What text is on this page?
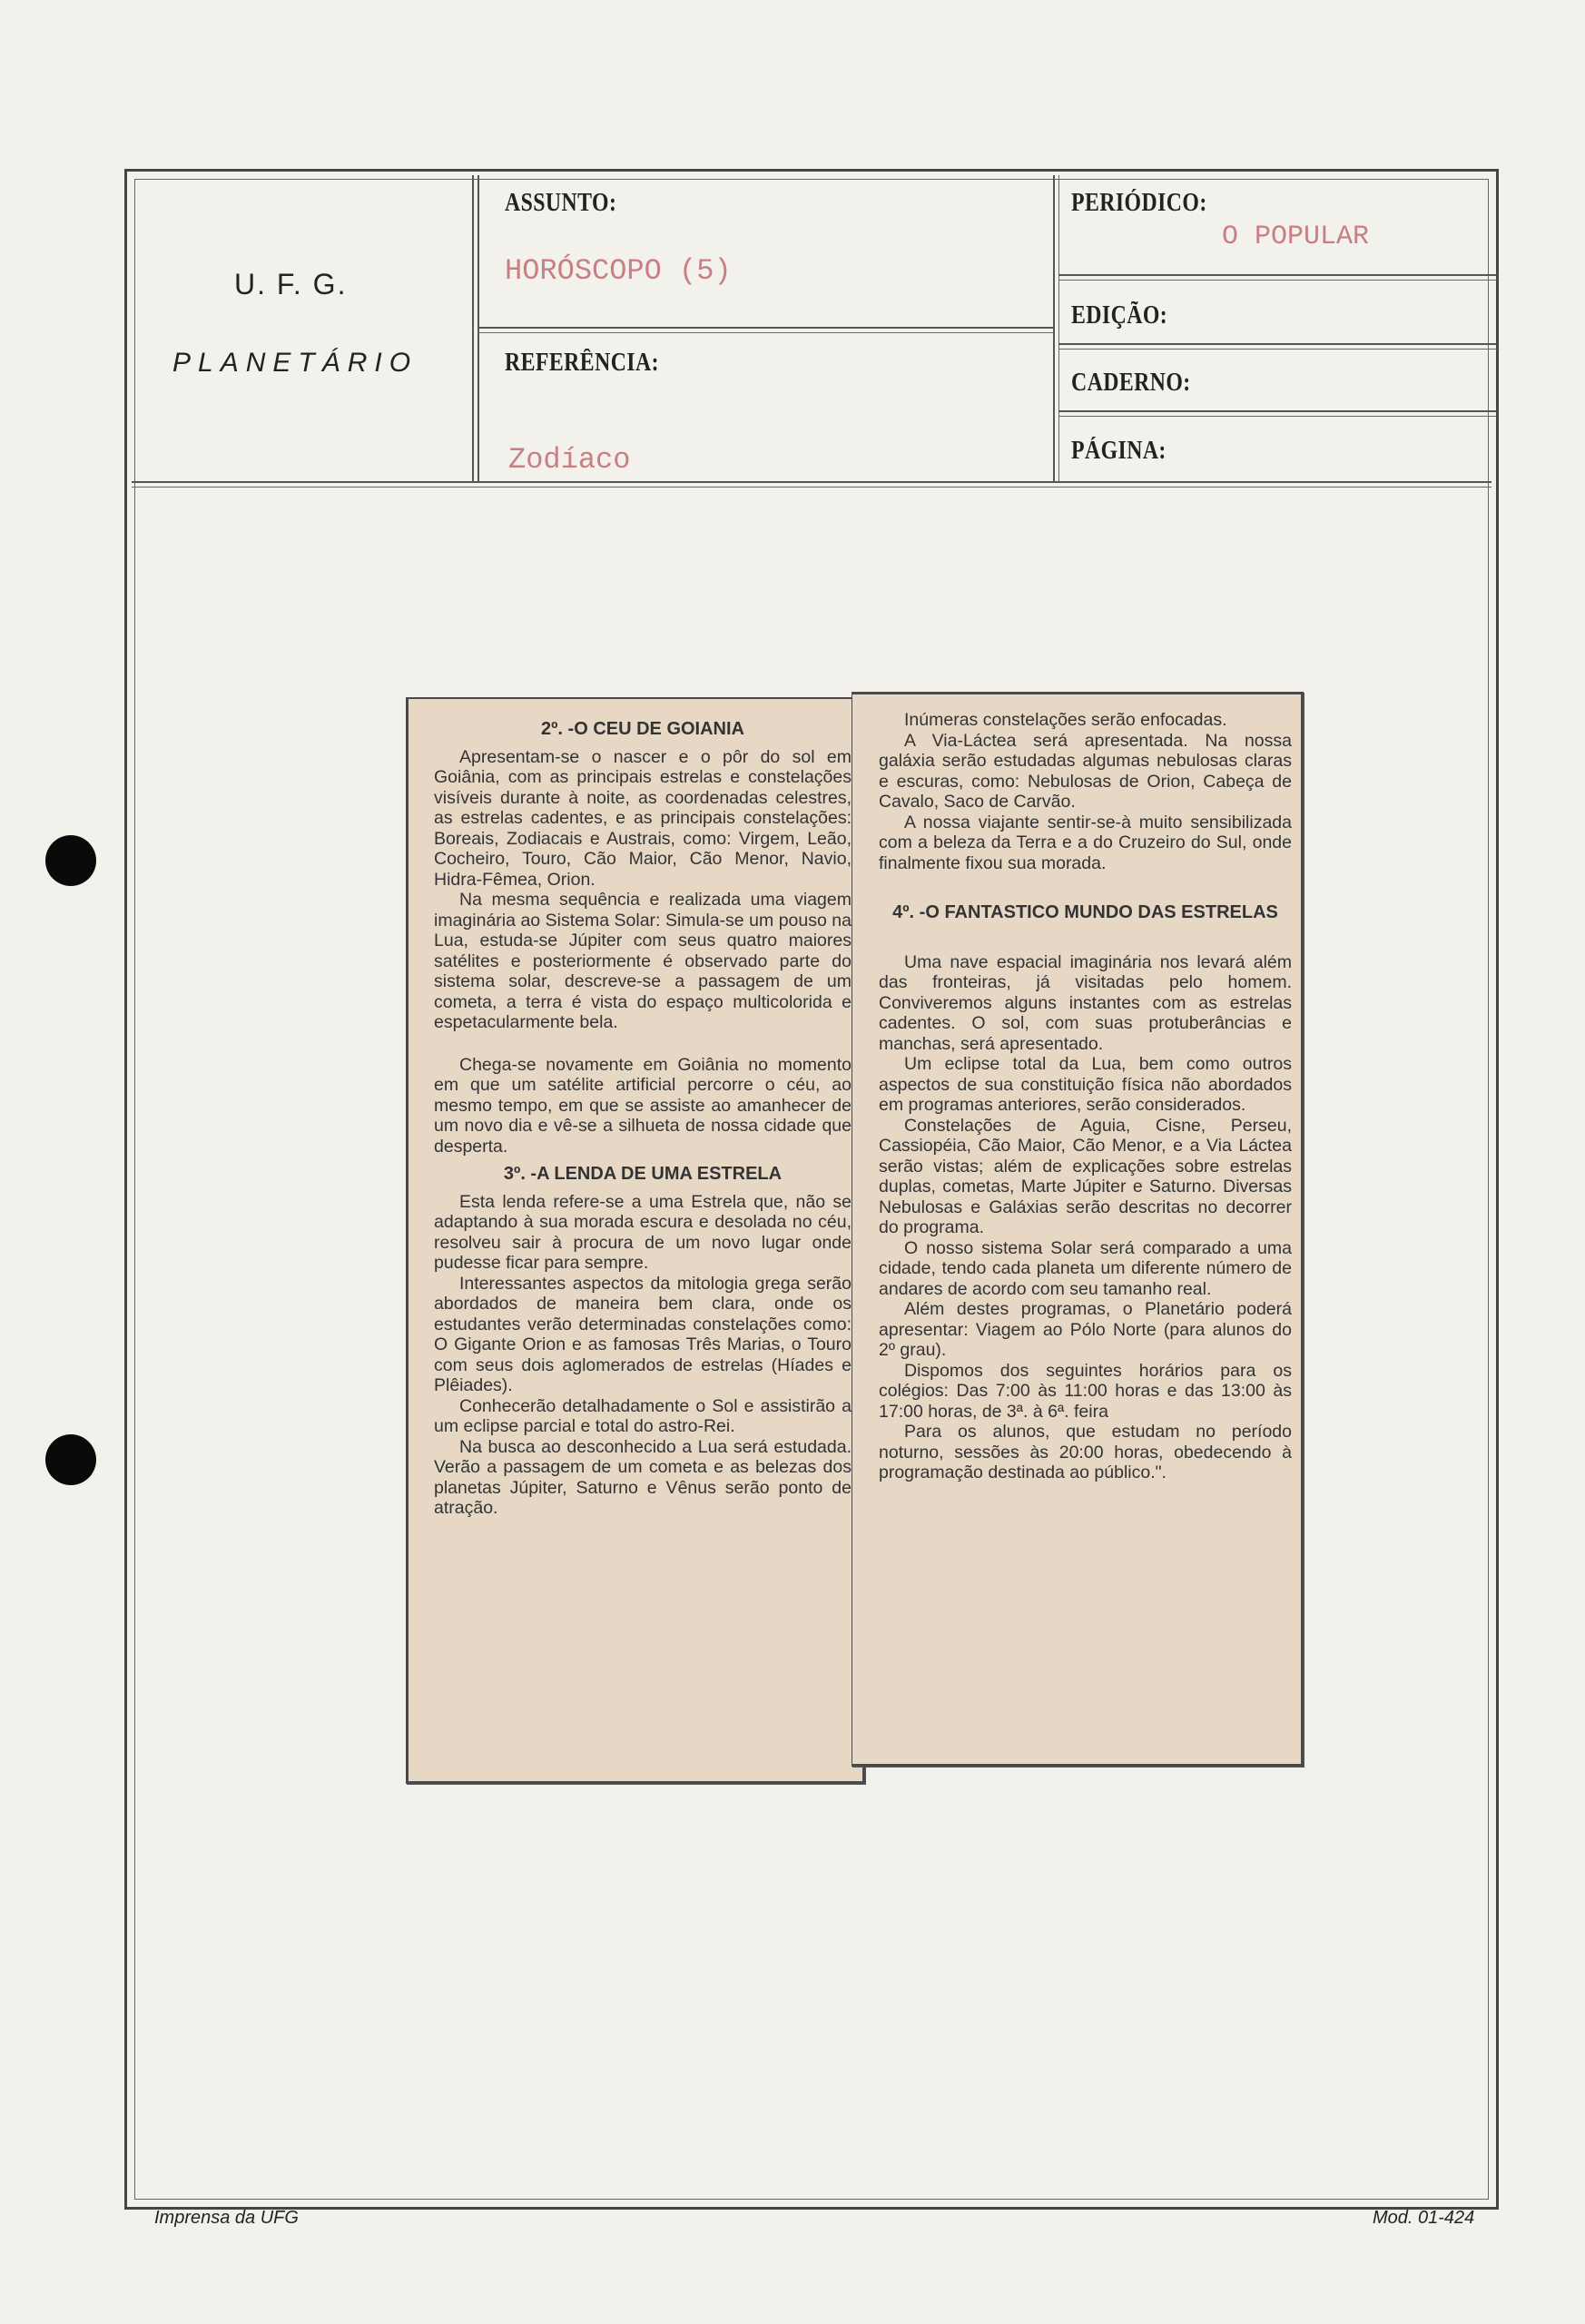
U. F. G.
PLANETÁRIO
ASSUNTO:
HORÓSCOPO (5)
REFERÊNCIA:
Zodíaco
PERIÓDICO:
O POPULAR
EDIÇÃO:
CADERNO:
PÁGINA:
2º. -O CEU DE GOIANIA
Apresentam-se o nascer e o pôr do sol em Goiânia, com as principais estrelas e constelações visíveis durante à noite, as coordenadas celestres, as estrelas cadentes, e as principais constelações: Boreais, Zodiacais e Austrais, como: Virgem, Leão, Cocheiro, Touro, Cão Maior, Cão Menor, Navio, Hidra-Fêmea, Orion.
Na mesma sequência e realizada uma viagem imaginária ao Sistema Solar: Simula-se um pouso na Lua, estuda-se Júpiter com seus quatro maiores satélites e posteriormente é observado parte do sistema solar, descreve-se a passagem de um cometa, a terra é vista do espaço multicolorida e espetacularmente bela.
Chega-se novamente em Goiânia no momento em que um satélite artificial percorre o céu, ao mesmo tempo, em que se assiste ao amanhecer de um novo dia e vê-se a silhueta de nossa cidade que desperta.
3º. -A LENDA DE UMA ESTRELA
Esta lenda refere-se a uma Estrela que, não se adaptando à sua morada escura e desolada no céu, resolveu sair à procura de um novo lugar onde pudesse ficar para sempre.
Interessantes aspectos da mitologia grega serão abordados de maneira bem clara, onde os estudantes verão determinadas constelações como: O Gigante Orion e as famosas Três Marias, o Touro com seus dois aglomerados de estrelas (Híades e Plêiades).
Conhecerão detalhadamente o Sol e assistirão a um eclipse parcial e total do astro-Rei.
Na busca ao desconhecido a Lua será estudada. Verão a passagem de um cometa e as belezas dos planetas Júpiter, Saturno e Vênus serão ponto de atração.
Inúmeras constelações serão enfocadas.
A Via-Láctea será apresentada. Na nossa galáxia serão estudadas algumas nebulosas claras e escuras, como: Nebulosas de Orion, Cabeça de Cavalo, Saco de Carvão.
A nossa viajante sentir-se-à muito sensibilizada com a beleza da Terra e a do Cruzeiro do Sul, onde finalmente fixou sua morada.
4º. -O FANTASTICO MUNDO DAS ESTRELAS
Uma nave espacial imaginária nos levará além das fronteiras, já visitadas pelo homem. Conviveremos alguns instantes com as estrelas cadentes. O sol, com suas protuberâncias e manchas, será apresentado.
Um eclipse total da Lua, bem como outros aspectos de sua constituição física não abordados em programas anteriores, serão considerados.
Constelações de Aguia, Cisne, Perseu, Cassiopéia, Cão Maior, Cão Menor, e a Via Láctea serão vistas; além de explicações sobre estrelas duplas, cometas, Marte Júpiter e Saturno. Diversas Nebulosas e Galáxias serão descritas no decorrer do programa.
O nosso sistema Solar será comparado a uma cidade, tendo cada planeta um diferente número de andares de acordo com seu tamanho real.
Além destes programas, o Planetário poderá apresentar: Viagem ao Pólo Norte (para alunos do 2º grau).
Dispomos dos seguintes horários para os colégios: Das 7:00 às 11:00 horas e das 13:00 às 17:00 horas, de 3ª. à 6ª. feira
Para os alunos, que estudam no período noturno, sessões às 20:00 horas, obedecendo à programação destinada ao público.".
Imprensa da UFG	Mod. 01-424
